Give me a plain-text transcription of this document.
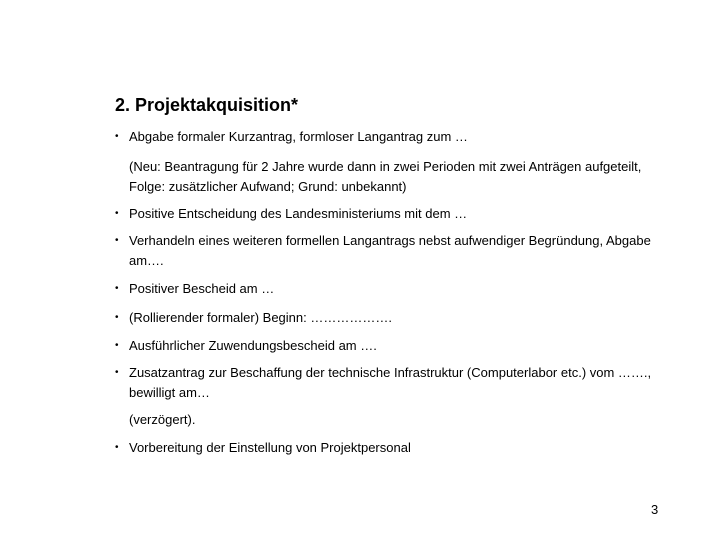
2. Projektakquisition*
• Abgabe formaler Kurzantrag, formloser Langantrag zum …
(Neu: Beantragung für 2 Jahre wurde dann in zwei Perioden mit zwei Anträgen aufgeteilt,
Folge: zusätzlicher Aufwand; Grund: unbekannt)
• Positive Entscheidung des Landesministeriums mit dem …
• Verhandeln eines weiteren formellen Langantrags nebst aufwendiger Begründung, Abgabe
am….
• Positiver Bescheid am …
• (Rollierender formaler) Beginn: ……………….
• Ausführlicher Zuwendungsbescheid am ….
• Zusatzantrag zur Beschaffung der technische Infrastruktur (Computerlabor etc.) vom …….,
bewilligt am…
(verzögert).
• Vorbereitung der Einstellung von Projektpersonal
3
